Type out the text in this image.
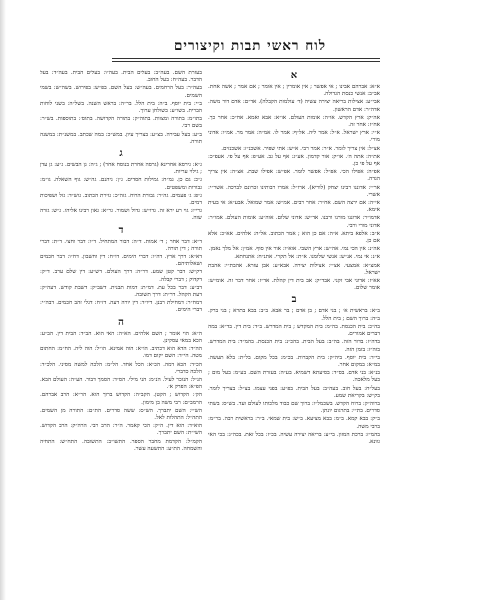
לוח ראשי תבות וקיצורים
א
א״א: אברהם אבינו ; אי אפשר ; אין אומרין ; אין אומר ; אם אמר ; אשה אחת. אב״ב: אנשי כנסת הגדולה.
אבי״ע: אצילות בריאה יצירה עשיה (ד׳ עולמות הקבלה). אד״ם: אדם דור משה. אדה״ר: אדם הראשון.
אה״ק: ארץ הקדש. או״ה: אומות העולם. או״א: אבא ואמא. אח״כ: אחר כך. אח״ז: אחר זה.
א״י: ארץ ישראל. א״ל: אמר ליה. אל״ף: אמר לו. אמ״ה: אמר מר. אמ״ו: אדוני מורי.
אצ״ל: אין צריך לומר. א״ר: אמר רבי. א״ש: אתי שפיר. אשכנ״ז: אשכנזים.
את״ה: אתה ה׳. או״ק: אור קדמון. אע״ג: אף על גב. אע״פ: אף על פי. אעפ״כ: אף על פי כן.
אפ״ה: אפילו הכי. אפ״ל: אפשר לומר. אפ״ש: אפילו שבת. אצ״ה: אין צריך הגדה.
אר״י: אדוננו רבינו יצחק (לוריא). ארז״ל: אמרו רבותינו זכרונם לברכה. אשר״י: אשרי.
אי״ה: אם ירצה השם. אח״ר: אחר רבים. אמ״ש: אמר שמואל. אבע״א: אי בעית אימא.
אדמו״ר: אדוננו מורנו ורבנו. אד״ש: אדוני שלום. אוה״ע: אומות העולם. אמו״ר: אדוני מורי ורבי.
א״ב: אלפא ביתא. א״ה: אם כן הוא ; אמר הכתוב. אל״ה: אלהים. אא״כ: אלא אם כן.
אה״נ: אין הכי נמי. אה״ש: ארץ השבי. אוא״ו: אור אין סוף. אמ״ן: אל מלך נאמן.
א״נ: אי נמי. אנ״ש: אנשי שלומנו. א״ת: אל תקרי. אתנ״ח: אתנחתא.
אמצ״א: אמצעי. אצ״י: אצילות יצירה. אבא״ע: אבן עזרא. אהבת״י: אהבת ישראל.
אא״ז: אדוני אבי זקני. אבד״ק: אב בית דין קהלת. אד״ז: אחר דבר זה. אומ״ש: אומר שלום.
ב
ב״א: בראשית א׳ ; בני אדם ; בן אדם ; בר אבא. ב״ב: בבא בתרא ; בני ברק. ב״ה: ברוך השם ; בית הלל.
בה״כ: בית הכנסת. בה״מ: בית המקדש ; בית המדרש. ב״ד: בית דין. בד״א: במה דברים אמורים.
בדה״ז: בדור הזה. בה״ב: בעל הבית. בהכ״נ: בית הכנסת. בהמ״ד: בית המדרש. בזה״ז: בזמן הזה.
בי״ד: בית יוסף. ביה״ק: בית הקברות. בכ״מ: בכל מקום. בל״ת: בלא תעשה. במ״א: במקום אחר.
בנ״א: בני אדם. בס״ד: בסיעתא דשמיא. בע״ה: בעזרת השם. בע״מ: בעל מום ; בעל מלאכה.
בעל״ח: בעל חוב. בעה״ב: בעל הבית. בפ״ע: בפני עצמו. בצ״ל: בצריך לומר. בק״ש: בקריאת שמע.
ברוה״ק: ברוח הקדש. בשכמל״ו: ברוך שם כבוד מלכותו לעולם ועד. בש״ס: בשתי סדרים. בת״י: בתרגום יונתן.
ב״ק: בבא קמא. ב״מ: בבא מציעא. ב״ש: בית שמאי. ב״ר: בראשית רבה. בר״מ: ברבי משה.
בהמ״ז: ברכת המזון. בי״ע: בריאה יצירה עשיה. בכ״ז: בכל זאת. בכה״ג: בכי האי גוונא.
בעזרת השם. בעה״ב: בעלים הבית. בעה״ו: בעלים הבית. בעה״ד: בעל הדבר. בעה״ח: בעל החוב.
בעה״ר: בעל הרחמים. בעה״ש: בעל השם. בפ״ש: בפירוש. בשה״ש: בשמי השמים.
ב״י: בית יוסף. ב״ה: בית הלל. בר״ה: בראש השנה. בשל״ה: בשני לוחות הברית. בשו״ע: בשולחן ערוך.
בתו״מ: בתורה ומצוות. בתוה״ק: בתורה הקדושה. בתוס׳: בתוספות. בש״ר: בשם רבי.
ב״ע: בעל עבירה. בצ״ע: בצריך עיון. במש״כ: במה שכתב. במשנ״ת: במשנה תורה.
ג
ג״א: גירסא אחרינא (גרסה אחרת בנוסח אחר) ; ג״ה: גן הבשים. ג״ע: גן עדן ; גילוי עריות.
ג״כ: גם כן. גמ״ח: גמילות חסדים. ג״ן: גיהנם. גה״ש: גוף השאלה. גו״מ: גבורות ומשפטים.
ג״פ: ג׳ פעמים. גה״ר: גבורת הרוח. גזה״כ: גזירת הכתוב. גוש״ד: גזל ושפיכות דמים.
גרי״ז: גוי רע ירא זה. גדו״ש: גדול ושמור. גר״א: גאון רבינו אליהו. ג״ש: גזרה שוה.
ד
ד״א: דבר אחר ; ד׳ אמות. ד״ה: דבור המתחיל. ד״ו: דבר וחצי. ד״ת: דברי תורה ; דין תורה.
דא״א: דרך ארץ. דה״ו: דברי הימים. דו״ח: דין וחשבון. דח״ו: דבר חכמים ושאלותיהם.
דק״ש: דבר קטן שמע. דר״ה: דרך העולם. דש״ע: דין שלם ערב. ד״ק: דקדוק ; דברי קבלה.
דב״ע: דבר בכל עת. דמ״ת: דמות תבנית. דשב״ק: דשבת קודש. דעה״ק: דעת הקהל. דר״ת: דרך תשובה.
דמח״ר: דמחילת רבנן. דיו״ד: דין יורה דעה. דז״ח: דגלי זהב חכמים. דבה״י: דברי הימים.
ה
ה״א: הוי אומר ; השם אלהים. הא״ה: האי הוא. הב״ד: הבית דין. הב״ע: הכא במאי עסקינן.
הה״ד: הדא הוא דכתיב. הו״א: הוה אמינא. הו״ל: הוה ליה. הח״מ: החתום מטה. הי״ד: השם יקום דמו.
הכ״ד: הכא דמה. הכ״א: הכל אחד. הל״מ: הלכה למשה מסיני. הלכ״ד: הלכה כדברי.
הנ״ל: הנזכר לעיל. הנ״מ: הני מילי. הס״ד: הסמך דבור. הע״ה: העולם הבא. הפ״א: הפרק א׳.
הק׳: הקדוש ; הקטן. הקב״ה: הקדוש ברוך הוא. הר״א: הרב אברהם. הרמב״ם: רבי משה בן מימון.
הש״י: השם יתברך. הש״ס: ששה סדרים. הת״ם: התורה מן השמים. התה״ל: התהלות לאל.
הוא״ד: הוא דין. ה״ק: הכי קאמר. ה״ר: הרב רבי. הרה״ק: הרב הקדוש. השי״ת: השם יתברך.
הקמ״ל: הקדמת מחבר הספר. התשו״ב: התשובה. התח״ש: התחיה והשמחה. הת״ע: התשעה עשר.
